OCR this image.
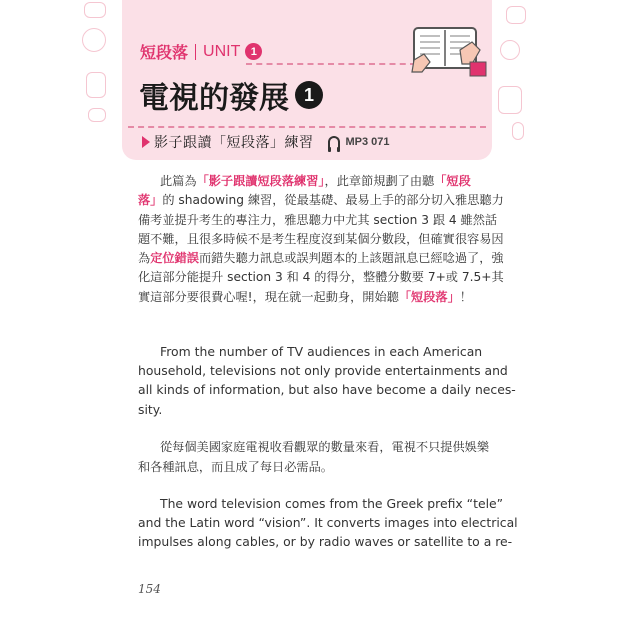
短段落 UNIT 1
電視的發展 1
影子跟讀「短段落」練習	MP3 071
此篇為「影子跟讀短段落練習」，此章節規劃了由聽「短段
落」的 shadowing 練習，從最基礎、最易上手的部分切入雅思聽力
備考並提升考生的專注力，雅思聽力中尤其 section 3 跟 4 雖然話
題不難，且很多時候不是考生程度沒到某個分數段，但確實很容易因
為定位錯誤而錯失聽力訊息或誤判題本的上該題訊息已經唸過了，強
化這部分能提升 section 3 和 4 的得分，整體分數要 7+或 7.5+其
實這部分要很費心喔!，現在就一起動身，開始聽「短段落」！
From the number of TV audiences in each American
household, televisions not only provide entertainments and
all kinds of information, but also have become a daily neces-
sity.
從每個美國家庭電視收看觀眾的數量來看，電視不只提供娛樂
和各種訊息，而且成了每日必需品。
The word television comes from the Greek prefix “tele”
and the Latin word “vision”. It converts images into electrical
impulses along cables, or by radio waves or satellite to a re-
154
